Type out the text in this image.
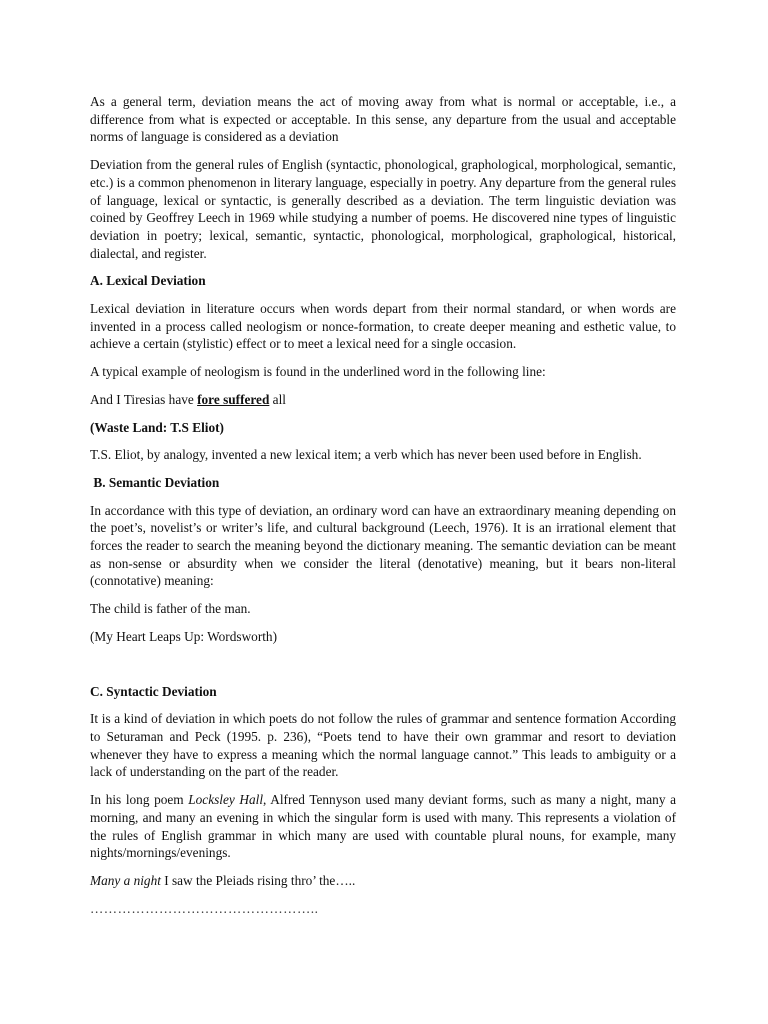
As a general term, deviation means the act of moving away from what is normal or acceptable, i.e., a difference from what is expected or acceptable. In this sense, any departure from the usual and acceptable norms of language is considered as a deviation

Deviation from the general rules of English (syntactic, phonological, graphological, morphological, semantic, etc.) is a common phenomenon in literary language, especially in poetry. Any departure from the general rules of language, lexical or syntactic, is generally described as a deviation. The term linguistic deviation was coined by Geoffrey Leech in 1969 while studying a number of poems. He discovered nine types of linguistic deviation in poetry; lexical, semantic, syntactic, phonological, morphological, graphological, historical, dialectal, and register.

A. Lexical Deviation

Lexical deviation in literature occurs when words depart from their normal standard, or when words are invented in a process called neologism or nonce-formation, to create deeper meaning and esthetic value, to achieve a certain (stylistic) effect or to meet a lexical need for a single occasion.

A typical example of neologism is found in the underlined word in the following line:

And I Tiresias have fore suffered all

(Waste Land: T.S Eliot)

T.S. Eliot, by analogy, invented a new lexical item; a verb which has never been used before in English.

B. Semantic Deviation

In accordance with this type of deviation, an ordinary word can have an extraordinary meaning depending on the poet’s, novelist’s or writer’s life, and cultural background (Leech, 1976). It is an irrational element that forces the reader to search the meaning beyond the dictionary meaning. The semantic deviation can be meant as non-sense or absurdity when we consider the literal (denotative) meaning, but it bears non-literal (connotative) meaning:

The child is father of the man.

(My Heart Leaps Up: Wordsworth)

C. Syntactic Deviation

It is a kind of deviation in which poets do not follow the rules of grammar and sentence formation According to Seturaman and Peck (1995. p. 236), “Poets tend to have their own grammar and resort to deviation whenever they have to express a meaning which the normal language cannot.” This leads to ambiguity or a lack of understanding on the part of the reader.

In his long poem Locksley Hall, Alfred Tennyson used many deviant forms, such as many a night, many a morning, and many an evening in which the singular form is used with many. This represents a violation of the rules of English grammar in which many are used with countable plural nouns, for example, many nights/mornings/evenings.

Many a night I saw the Pleiads rising thro’ the…..

…………………………………………..
